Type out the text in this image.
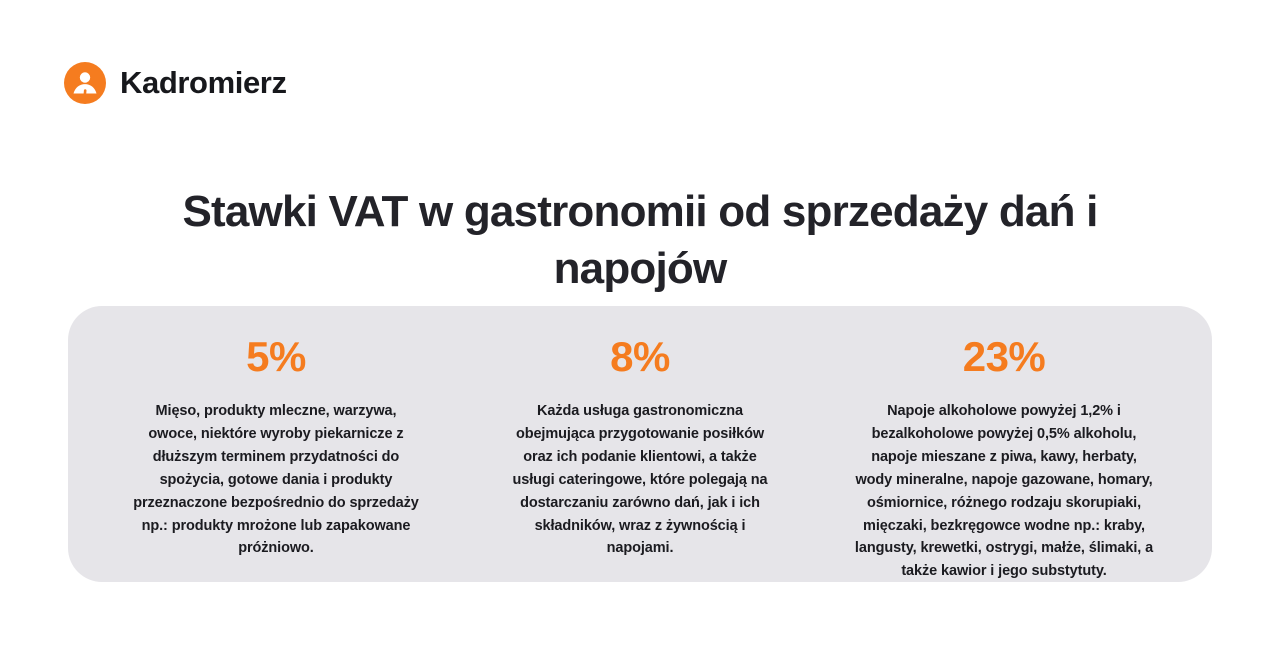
Kadromierz
Stawki VAT w gastronomii od sprzedaży dań i napojów
5%
Mięso, produkty mleczne, warzywa, owoce, niektóre wyroby piekarnicze z dłuższym terminem przydatności do spożycia, gotowe dania i produkty przeznaczone bezpośrednio do sprzedaży np.: produkty mrożone lub zapakowane próżniowo.
8%
Każda usługa gastronomiczna obejmująca przygotowanie posiłków oraz ich podanie klientowi, a także usługi cateringowe, które polegają na dostarczaniu zarówno dań, jak i ich składników, wraz z żywnością i napojami.
23%
Napoje alkoholowe powyżej 1,2% i bezalkoholowe powyżej 0,5% alkoholu, napoje mieszane z piwa, kawy, herbaty, wody mineralne, napoje gazowane, homary, ośmiornice, różnego rodzaju skorupiaki, mięczaki, bezkręgowce wodne np.: kraby, langusty, krewetki, ostrygi, małże, ślimaki, a także kawior i jego substytuty.
